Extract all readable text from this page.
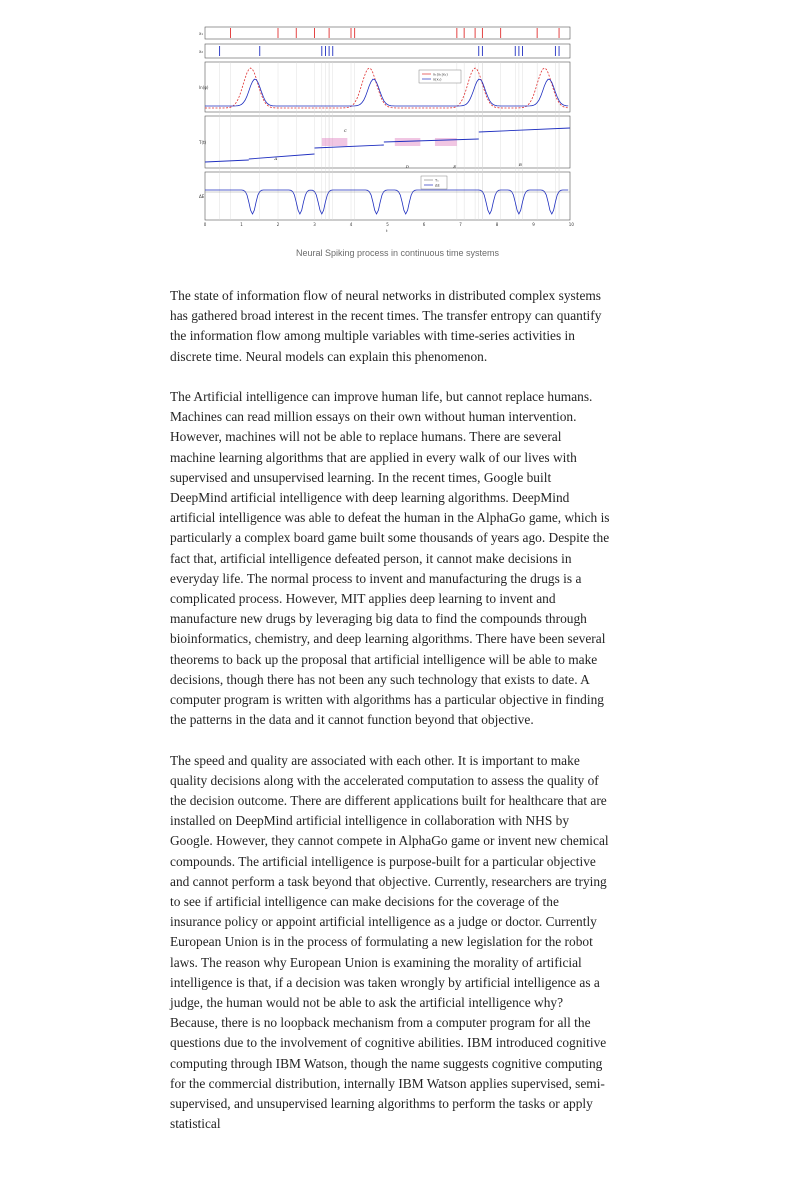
x₁
x₂
ln(φ)
T(t)
ΔE
λ₁(x₁|x₂)
λ(x₁)
A
C
D	E	B
T₁
ΔE
0	1	2	3	4	5	6	7	8	9	10
t
Neural Spiking process in continuous time systems

The state of information flow of neural networks in distributed complex systems has gathered broad interest in the recent times. The transfer entropy can quantify the information flow among multiple variables with time-series activities in discrete time. Neural models can explain this phenomenon.

The Artificial intelligence can improve human life, but cannot replace humans. Machines can read million essays on their own without human intervention. However, machines will not be able to replace humans. There are several machine learning algorithms that are applied in every walk of our lives with supervised and unsupervised learning. In the recent times, Google built DeepMind artificial intelligence with deep learning algorithms. DeepMind artificial intelligence was able to defeat the human in the AlphaGo game, which is particularly a complex board game built some thousands of years ago. Despite the fact that, artificial intelligence defeated person, it cannot make decisions in everyday life. The normal process to invent and manufacturing the drugs is a complicated process. However, MIT applies deep learning to invent and manufacture new drugs by leveraging big data to find the compounds through bioinformatics, chemistry, and deep learning algorithms. There have been several theorems to back up the proposal that artificial intelligence will be able to make decisions, though there has not been any such technology that exists to date. A computer program is written with algorithms has a particular objective in finding the patterns in the data and it cannot function beyond that objective.

The speed and quality are associated with each other. It is important to make quality decisions along with the accelerated computation to assess the quality of the decision outcome. There are different applications built for healthcare that are installed on DeepMind artificial intelligence in collaboration with NHS by Google. However, they cannot compete in AlphaGo game or invent new chemical compounds. The artificial intelligence is purpose-built for a particular objective and cannot perform a task beyond that objective. Currently, researchers are trying to see if artificial intelligence can make decisions for the coverage of the insurance policy or appoint artificial intelligence as a judge or doctor. Currently European Union is in the process of formulating a new legislation for the robot laws. The reason why European Union is examining the morality of artificial intelligence is that, if a decision was taken wrongly by artificial intelligence as a judge, the human would not be able to ask the artificial intelligence why? Because, there is no loopback mechanism from a computer program for all the questions due to the involvement of cognitive abilities. IBM introduced cognitive computing through IBM Watson, though the name suggests cognitive computing for the commercial distribution, internally IBM Watson applies supervised, semi-supervised, and unsupervised learning algorithms to perform the tasks or apply statistical
